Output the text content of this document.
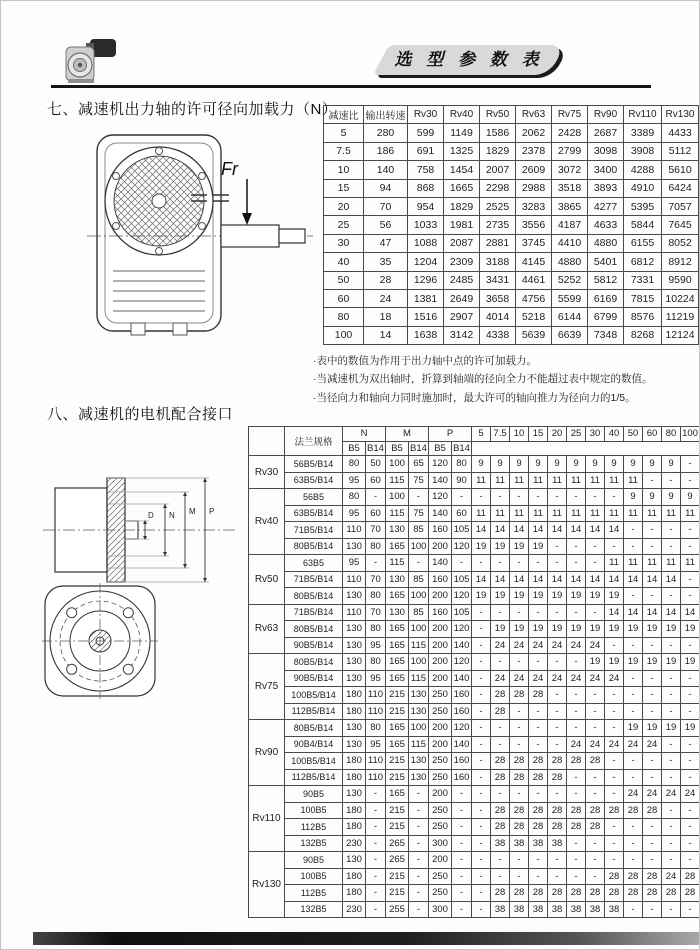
选 型 参 数 表
七、减速机出力轴的许可径向加载力（N）
Fr
减速比	输出转速	Rv30	Rv40	Rv50	Rv63	Rv75	Rv90	Rv110	Rv130
5	280	599	1149	1586	2062	2428	2687	3389	4433
7.5	186	691	1325	1829	2378	2799	3098	3908	5112
10	140	758	1454	2007	2609	3072	3400	4288	5610
15	94	868	1665	2298	2988	3518	3893	4910	6424
20	70	954	1829	2525	3283	3865	4277	5395	7057
25	56	1033	1981	2735	3556	4187	4633	5844	7645
30	47	1088	2087	2881	3745	4410	4880	6155	8052
40	35	1204	2309	3188	4145	4880	5401	6812	8912
50	28	1296	2485	3431	4461	5252	5812	7331	9590
60	24	1381	2649	3658	4756	5599	6169	7815	10224
80	18	1516	2907	4014	5218	6144	6799	8576	11219
100	14	1638	3142	4338	5639	6639	7348	8268	12124
·表中的数值为作用于出力轴中点的许可加载力。
·当减速机为双出轴时，折算到轴端的径向全力不能超过表中规定的数值。
·当径向力和轴向力同时施加时，最大许可的轴向推力为径向力的1/5。
八、减速机的电机配合接口
P
M
N
D
	法兰规格	N		M		P		5	7.5	10	15	20	25	30	40	50	60	80	100
		B5	B14	B5	B14	B5	B14												
Rv30	56B5/B14	80	50	100	65	120	80	9	9	9	9	9	9	9	9	9	9	9	-
	63B5/B14	95	60	115	75	140	90	11	11	11	11	11	11	11	11	11	-	-	-
Rv40	56B5	80	-	100	-	120	-	-	-	-	-	-	-	-	-	9	9	9	9
	63B5/B14	95	60	115	75	140	60	11	11	11	11	11	11	11	11	11	11	11	11
	71B5/B14	110	70	130	85	160	105	14	14	14	14	14	14	14	14	-	-	-	-
	80B5/B14	130	80	165	100	200	120	19	19	19	19	-	-	-	-	-	-	-	-
Rv50	63B5	95	-	115	-	140	-	-	-	-	-	-	-	-	11	11	11	11	11
	71B5/B14	110	70	130	85	160	105	14	14	14	14	14	14	14	14	14	14	14	-
	80B5/B14	130	80	165	100	200	120	19	19	19	19	19	19	19	19	-	-	-	-
Rv63	71B5/B14	110	70	130	85	160	105	-	-	-	-	-	-	-	14	14	14	14	14
	80B5/B14	130	80	165	100	200	120	-	19	19	19	19	19	19	19	19	19	19	19
	90B5/B14	130	95	165	115	200	140	-	24	24	24	24	24	24	-	-	-	-	-
Rv75	80B5/B14	130	80	165	100	200	120	-	-	-	-	-	-	19	19	19	19	19	19
	90B5/B14	130	95	165	115	200	140	-	24	24	24	24	24	24	24	-	-	-	-
	100B5/B14	180	110	215	130	250	160	-	28	28	28	-	-	-	-	-	-	-	-
	112B5/B14	180	110	215	130	250	160	-	28	-	-	-	-	-	-	-	-	-	-
Rv90	80B5/B14	130	80	165	100	200	120	-	-	-	-	-	-	-	-	19	19	19	19
	90B4/B14	130	95	165	115	200	140	-	-	-	-	-	24	24	24	24	24	-	-
	100B5/B14	180	110	215	130	250	160	-	28	28	28	28	28	28	-	-	-	-	-
	112B5/B14	180	110	215	130	250	160	-	28	28	28	28	-	-	-	-	-	-	-
Rv110	90B5	130	-	165	-	200	-	-	-	-	-	-	-	-	-	24	24	24	24
	100B5	180	-	215	-	250	-	-	28	28	28	28	28	28	28	28	28	-	-
	112B5	180	-	215	-	250	-	-	28	28	28	28	28	28	-	-	-	-	-
	132B5	230	-	265	-	300	-	-	38	38	38	38	-	-	-	-	-	-	-
Rv130	90B5	130	-	265	-	200	-	-	-	-	-	-	-	-	-	-	-	-	-
	100B5	180	-	215	-	250	-	-	-	-	-	-	-	-	28	28	28	24	28
	112B5	180	-	215	-	250	-	-	28	28	28	28	28	28	28	28	28	28	28
	132B5	230	-	255	-	300	-	-	38	38	38	38	38	38	38	-	-	-	-
